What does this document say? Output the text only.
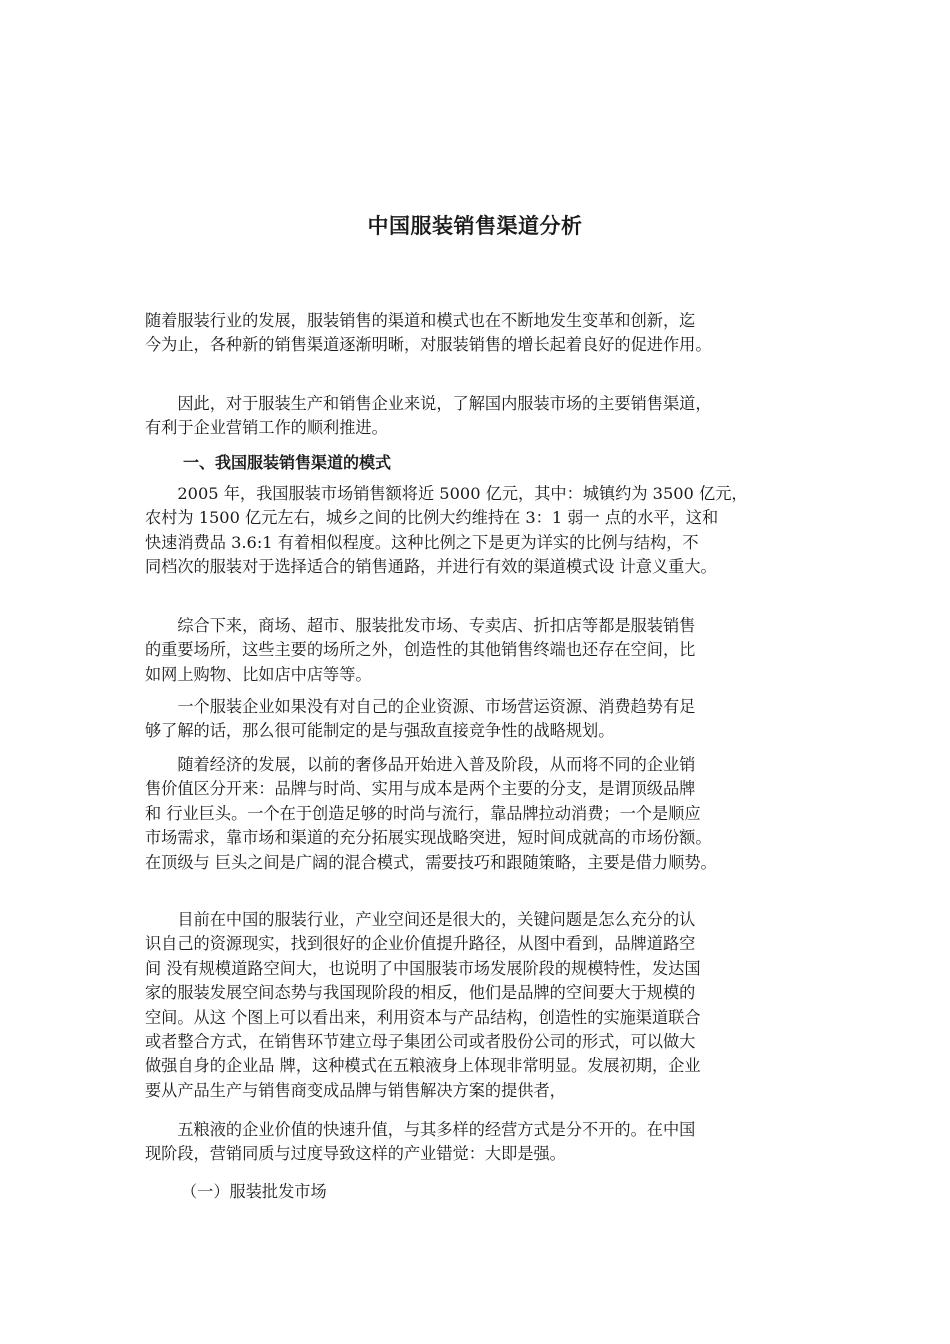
中国服装销售渠道分析

随着服装行业的发展，服装销售的渠道和模式也在不断地发生变革和创新，迄
今为止，各种新的销售渠道逐渐明晰，对服装销售的增长起着良好的促进作用。

　　因此，对于服装生产和销售企业来说，了解国内服装市场的主要销售渠道，
有利于企业营销工作的顺利推进。

一、我国服装销售渠道的模式

　　2005 年，我国服装市场销售额将近 5000 亿元，其中：城镇约为 3500 亿元，
农村为 1500 亿元左右，城乡之间的比例大约维持在 3：1 弱一 点的水平，这和
快速消费品 3.6:1 有着相似程度。这种比例之下是更为详实的比例与结构，不
同档次的服装对于选择适合的销售通路，并进行有效的渠道模式设 计意义重大。

　　综合下来，商场、超市、服装批发市场、专卖店、折扣店等都是服装销售
的重要场所，这些主要的场所之外，创造性的其他销售终端也还存在空间，比
如网上购物、比如店中店等等。

　　一个服装企业如果没有对自己的企业资源、市场营运资源、消费趋势有足
够了解的话，那么很可能制定的是与强敌直接竞争性的战略规划。

　　随着经济的发展，以前的奢侈品开始进入普及阶段，从而将不同的企业销
售价值区分开来：品牌与时尚、实用与成本是两个主要的分支，是谓顶级品牌
和 行业巨头。一个在于创造足够的时尚与流行，靠品牌拉动消费；一个是顺应
市场需求，靠市场和渠道的充分拓展实现战略突进，短时间成就高的市场份额。
在顶级与 巨头之间是广阔的混合模式，需要技巧和跟随策略，主要是借力顺势。

　　目前在中国的服装行业，产业空间还是很大的，关键问题是怎么充分的认
识自己的资源现实，找到很好的企业价值提升路径，从图中看到，品牌道路空
间 没有规模道路空间大，也说明了中国服装市场发展阶段的规模特性，发达国
家的服装发展空间态势与我国现阶段的相反，他们是品牌的空间要大于规模的
空间。从这 个图上可以看出来，利用资本与产品结构，创造性的实施渠道联合
或者整合方式，在销售环节建立母子集团公司或者股份公司的形式，可以做大
做强自身的企业品 牌，这种模式在五粮液身上体现非常明显。发展初期，企业
要从产品生产与销售商变成品牌与销售解决方案的提供者，

　　五粮液的企业价值的快速升值，与其多样的经营方式是分不开的。在中国
现阶段，营销同质与过度导致这样的产业错觉：大即是强。

（一）服装批发市场
